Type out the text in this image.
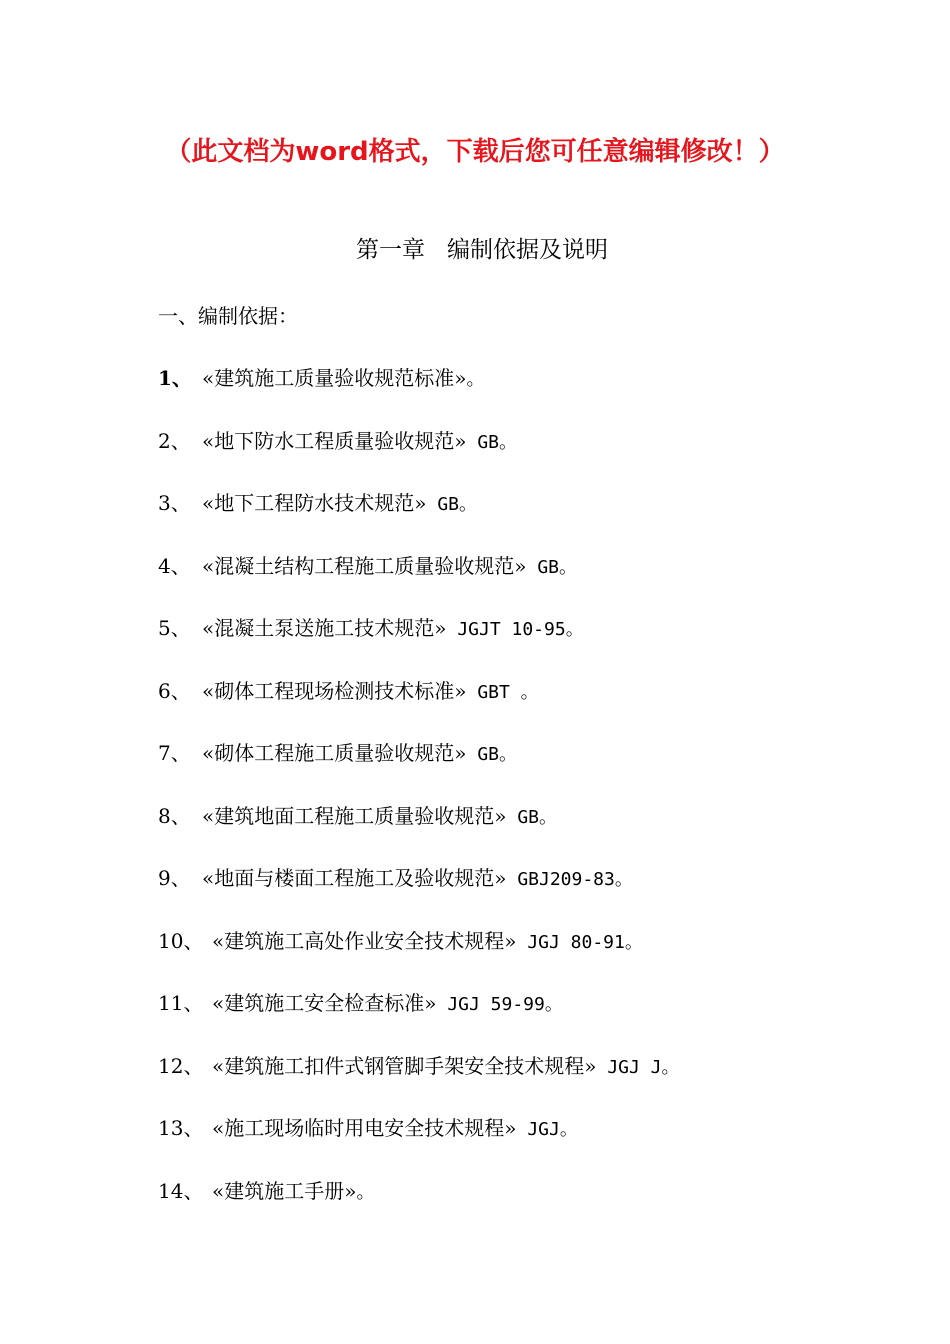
（此文档为word格式，下载后您可任意编辑修改！）
第一章   编制依据及说明
一、编制依据：
1、 «建筑施工质量验收规范标准»。
2、 «地下防水工程质量验收规范» GB。
3、 «地下工程防水技术规范» GB。
4、 «混凝土结构工程施工质量验收规范» GB。
5、 «混凝土泵送施工技术规范» JGJT 10-95。
6、 «砌体工程现场检测技术标准» GBT 。
7、 «砌体工程施工质量验收规范» GB。
8、 «建筑地面工程施工质量验收规范» GB。
9、 «地面与楼面工程施工及验收规范» GBJ209-83。
10、 «建筑施工高处作业安全技术规程» JGJ 80-91。
11、 «建筑施工安全检查标准» JGJ 59-99。
12、 «建筑施工扣件式钢管脚手架安全技术规程» JGJ J。
13、 «施工现场临时用电安全技术规程» JGJ。
14、 «建筑施工手册»。
